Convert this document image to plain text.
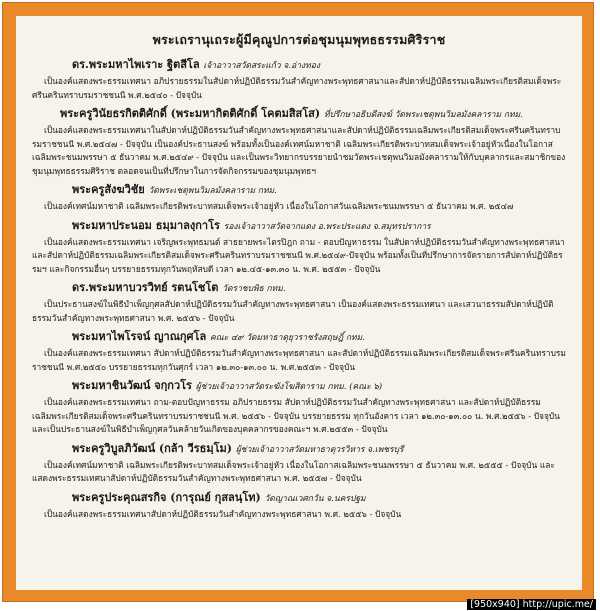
พระเถรานุเถระผู้มีคุณูปการต่อชุมนุมพุทธธรรมศิริราช
ดร.พระมหาไพเราะ ฐิตสีโล เจ้าอาวาสวัดสระแก้ว จ.อ่างทอง

เป็นองค์แสดงพระธรรมเทศนา อภิปรายธรรมในสัปดาห์ปฏิบัติธรรมวันสำคัญทางพระพุทธศาสนาและสัปดาห์ปฏิบัติธรรมเฉลิมพระเกียรติสมเด็จพระศรีนครินทราบรมราชชนนี พ.ศ.๒๕๔๐ - ปัจจุบัน

พระครูวินัยธรกิตติศักดิ์ (พระมหากิตติศักดิ์ โคตมสิสโส) ที่ปรึกษาอธิบดีสงฆ์ วัดพระเชตุพนวิมลมังคลาราม กทม.

เป็นองค์แสดงพระธรรมเทศนาในสัปดาห์ปฏิบัติธรรมวันสำคัญทางพระพุทธศาสนาและสัปดาห์ปฏิบัติธรรมเฉลิมพระเกียรติสมเด็จพระศรีนครินทราบรมราชชนนี พ.ศ.๒๕๔๗ - ปัจจุบัน เป็นองค์ประธานสงฆ์ พร้อมทั้งเป็นองค์เทศน์มหาชาติ เฉลิมพระเกียรติพระบาทสมเด็จพระเจ้าอยู่หัวเนื่องในโอกาสเฉลิมพระชนมพรรษา ๕ ธันวาคม พ.ศ.๒๕๔๙ - ปัจจุบัน และเป็นพระวิทยากรบรรยายนำชมวัดพระเชตุพนวิมลมังคลารามให้กับบุคลากรและสมาชิกของชุมนุมพุทธธรรมศิริราช ตลอดจนเป็นที่ปรึกษาในการจัดกิจกรรมของชุมนุมพุทธฯ

พระครูสังฆวิชัย วัดพระเชตุพนวิมลมังคลาราม กทม.

เป็นองค์เทศน์มหาชาติ เฉลิมพระเกียรติพระบาทสมเด็จพระเจ้าอยู่หัว เนื่องในโอกาสวันเฉลิมพระชนมพรรษา ๕ ธันวาคม พ.ศ. ๒๕๔๗

พระมหาประนอม ธมฺมาลงฺกาโร รองเจ้าอาวาสวัดจากแดง อ.พระประแดง จ.สมุทรปราการ

เป็นองค์แสดงพระธรรมเทศนา เจริญพระพุทธมนต์ สาธยายพระไตรปิฎก ถาม - ตอบปัญหาธรรม ในสัปดาห์ปฏิบัติธรรมวันสำคัญทางพระพุทธศาสนา และสัปดาห์ปฏิบัติธรรมเฉลิมพระเกียรติสมเด็จพระศรีนครินทราบรมราชชนนี พ.ศ.๒๕๔๙-ปัจจุบัน พร้อมทั้งเป็นที่ปรึกษาการจัดรายการสัปดาห์ปฏิบัติธรรมฯ และกิจกรรมอื่นๆ บรรยายธรรมทุกวันพฤหัสบดี เวลา ๑๒.๔๕-๑๓.๓๐ น. พ.ศ. ๒๕๕๓ - ปัจจุบัน

ดร.พระมหาบวรวิทย์ รตนโชโต วัดราชบพิธ กทม.

เป็นประธานสงฆ์ในพิธีบำเพ็ญกุศลสัปดาห์ปฏิบัติธรรมวันสำคัญทางพระพุทธศาสนา เป็นองค์แสดงพระธรรมเทศนา และเสวนาธรรมสัปดาห์ปฏิบัติธรรมวันสำคัญทางพระพุทธศาสนา พ.ศ. ๒๕๕๖ - ปัจจุบัน

พระมหาไพโรจน์ ญาณกุศโล คณะ ๔๙ วัดมหาธาตุยุวราชรังสฤษฎิ์ กทม.

เป็นองค์แสดงพระธรรมเทศนา สัปดาห์ปฏิบัติธรรมวันสำคัญทางพระพุทธศาสนา และสัปดาห์ปฏิบัติธรรมเฉลิมพระเกียรติสมเด็จพระศรีนครินทราบรมราชชนนี พ.ศ.๒๕๕๐ บรรยายธรรมทุกวันศุกร์ เวลา ๑๒.๓๐-๑๓.๐๐ น. พ.ศ.๒๕๕๓ - ปัจจุบัน

พระมหาชินวัฒน์ จกฺกวโร ผู้ช่วยเจ้าอาวาสวัดระฆังโฆสิตาราม กทม. (คณะ ๖)

เป็นองค์แสดงพระธรรมเทศนา ถาม-ตอบปัญหาธรรม อภิปรายธรรม สัปดาห์ปฏิบัติธรรมวันสำคัญทางพระพุทธศาสนา และสัปดาห์ปฏิบัติธรรมเฉลิมพระเกียรติสมเด็จพระศรีนครินทราบรมราชชนนี พ.ศ. ๒๕๕๖ - ปัจจุบัน บรรยายธรรม ทุกวันอังคาร เวลา ๑๒.๓๐-๑๓.๐๐ น. พ.ศ.๒๕๕๖ - ปัจจุบัน และเป็นประธานสงฆ์ในพิธีบำเพ็ญกุศลวันคล้ายวันเกิดของบุคคลากรของคณะฯ พ.ศ.๒๕๕๓ - ปัจจุบัน

พระครูวิบูลภิวัฒน์ (กล้า วีรธมฺโม) ผู้ช่วยเจ้าอาวาสวัดมหาธาตุวรวิหาร จ.เพชรบุรี

เป็นองค์เทศน์มหาชาติ เฉลิมพระเกียรติพระบาทสมเด็จพระเจ้าอยู่หัว เนื่องในโอกาสเฉลิมพระชนมพรรษา ๕ ธันวาคม พ.ศ. ๒๕๕๕ - ปัจจุบัน และแสดงพระธรรมเทศนาสัปดาห์ปฏิบัติธรรมวันสำคัญทางพระพุทธศาสนา พ.ศ. ๒๕๕๗ - ปัจจุบัน

พระครูประคุณสรกิจ (การุณย์ กุสลนฺโท) วัดญาณเวศกวัน จ.นครปฐม

เป็นองค์แสดงพระธรรมเทศนาสัปดาห์ปฏิบัติธรรมวันสำคัญทางพระพุทธศาสนา พ.ศ. ๒๕๕๖ - ปัจจุบัน

[950x940] http://upic.me/
